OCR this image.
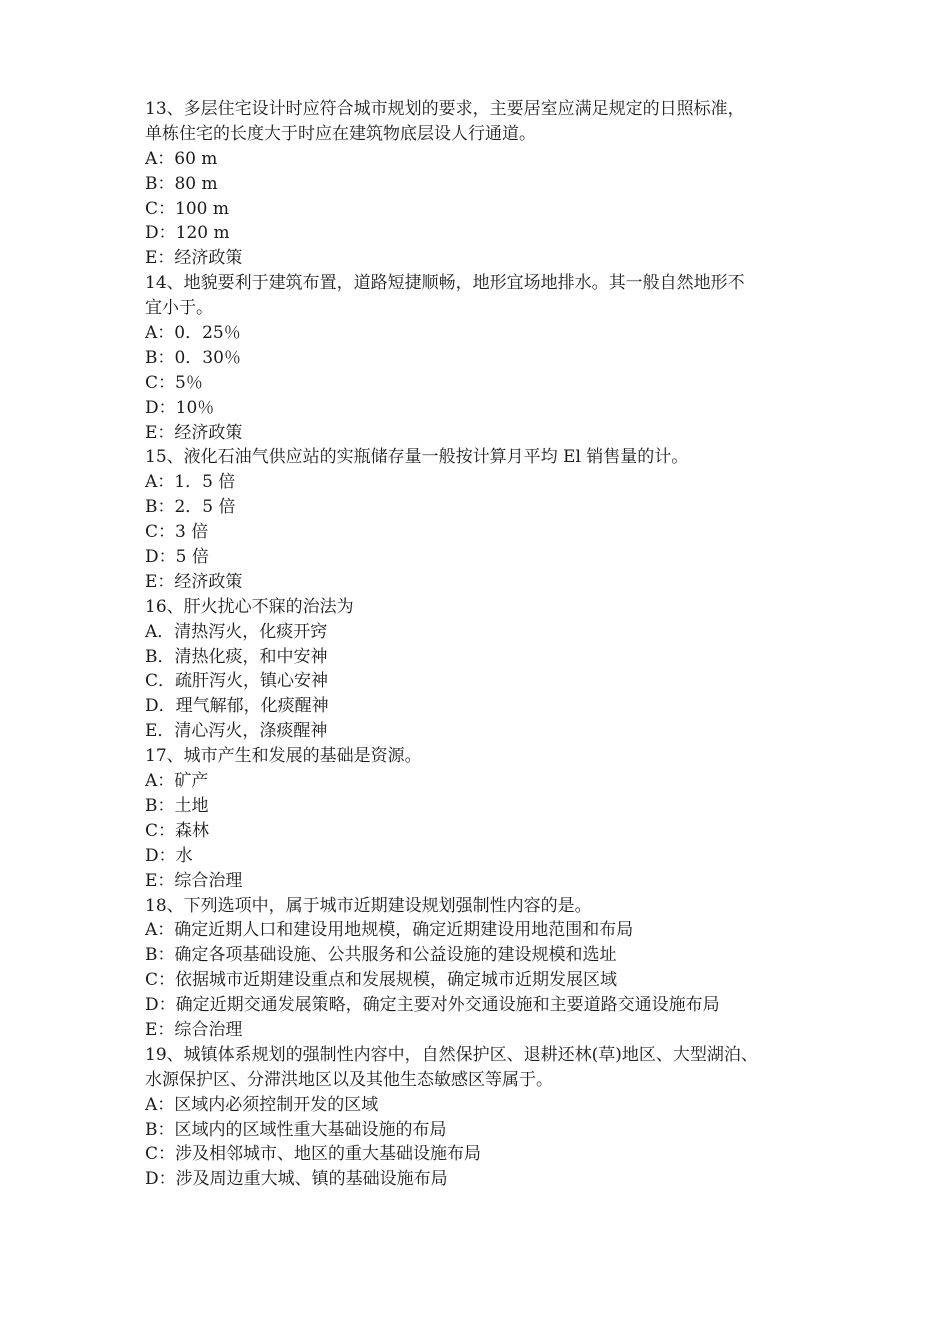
13、多层住宅设计时应符合城市规划的要求，主要居室应满足规定的日照标准，
单栋住宅的长度大于时应在建筑物底层设人行通道。
A：60 m
B：80 m
C：100 m
D：120 m
E：经济政策
14、地貌要利于建筑布置，道路短捷顺畅，地形宜场地排水。其一般自然地形不
宜小于。
A：0．25％
B：0．30％
C：5％
D：10％
E：经济政策
15、液化石油气供应站的实瓶储存量一般按计算月平均 El 销售量的计。
A：1．5 倍
B：2．5 倍
C：3 倍
D：5 倍
E：经济政策
16、肝火扰心不寐的治法为
A．清热泻火，化痰开窍
B．清热化痰，和中安神
C．疏肝泻火，镇心安神
D．理气解郁，化痰醒神
E．清心泻火，涤痰醒神
17、城市产生和发展的基础是资源。
A：矿产
B：土地
C：森林
D：水
E：综合治理
18、下列选项中，属于城市近期建设规划强制性内容的是。
A：确定近期人口和建设用地规模，确定近期建设用地范围和布局
B：确定各项基础设施、公共服务和公益设施的建设规模和选址
C：依据城市近期建设重点和发展规模，确定城市近期发展区域
D：确定近期交通发展策略，确定主要对外交通设施和主要道路交通设施布局
E：综合治理
19、城镇体系规划的强制性内容中，自然保护区、退耕还林(草)地区、大型湖泊、
水源保护区、分滞洪地区以及其他生态敏感区等属于。
A：区域内必须控制开发的区域
B：区域内的区域性重大基础设施的布局
C：涉及相邻城市、地区的重大基础设施布局
D：涉及周边重大城、镇的基础设施布局
